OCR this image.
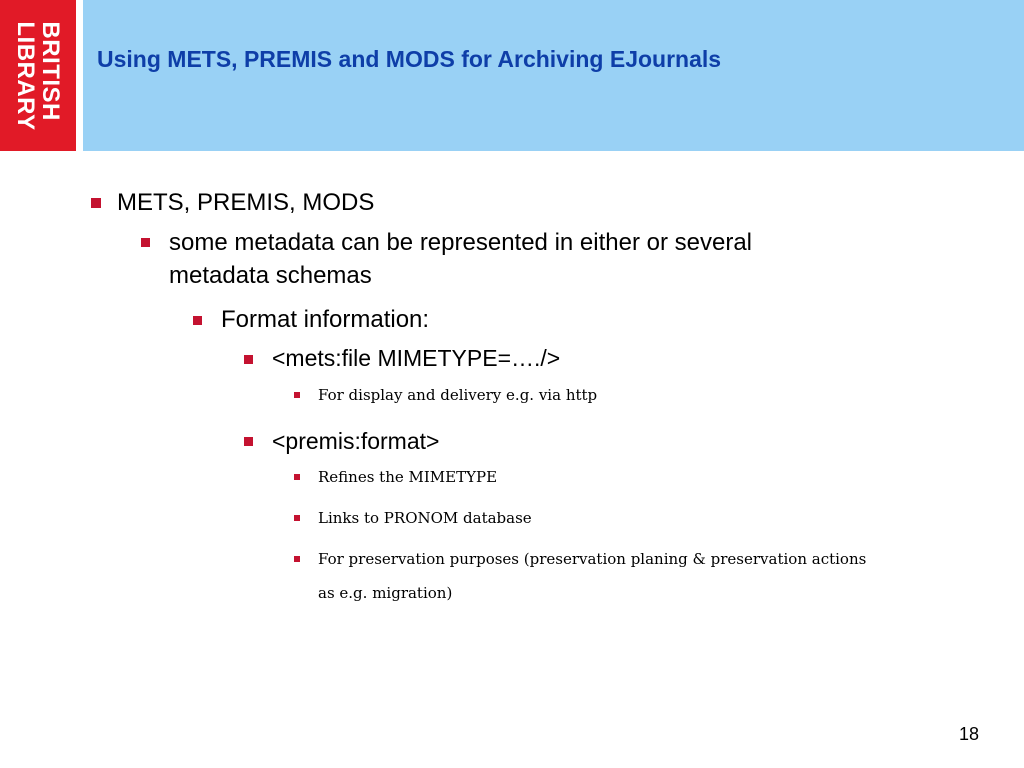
BRITISH
LIBRARY	Using METS, PREMIS and MODS for Archiving EJournals
METS, PREMIS, MODS
some metadata can be represented in either or several
metadata schemas
Format information:
<mets:file MIMETYPE=…./>
For display and delivery e.g. via http
<premis:format>
Refines the MIMETYPE
Links to PRONOM database
For preservation purposes (preservation planing & preservation actions
as e.g. migration)
18
